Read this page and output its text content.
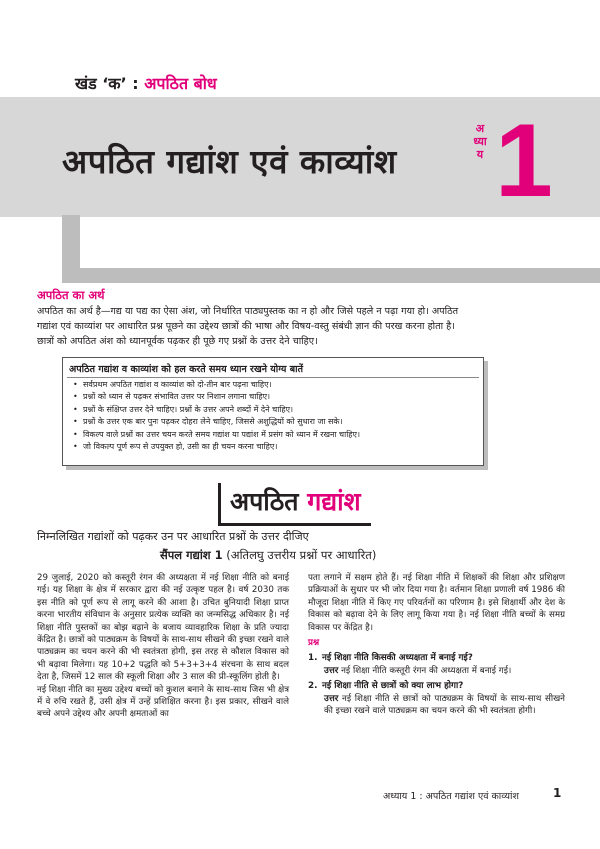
खंड ‘क’ : अपठित बोध
अपठित गद्यांश एवं काव्यांश
अ
ध्या
य 1
अपठित का अर्थ
अपठित का अर्थ है—गद्य या पद्य का ऐसा अंश, जो निर्धारित पाठ्यपुस्तक का न हो और जिसे पहले न पढ़ा गया हो। अपठित
गद्यांश एवं काव्यांश पर आधारित प्रश्न पूछने का उद्देश्य छात्रों की भाषा और विषय-वस्तु संबंधी ज्ञान की परख करना होता है।
छात्रों को अपठित अंश को ध्यानपूर्वक पढ़कर ही पूछे गए प्रश्नों के उत्तर देने चाहिए।
अपठित गद्यांश व काव्यांश को हल करते समय ध्यान रखने योग्य बातें
• सर्वप्रथम अपठित गद्यांश व काव्यांश को दो-तीन बार पढ़ना चाहिए।
• प्रश्नों को ध्यान से पढ़कर संभावित उत्तर पर निशान लगाना चाहिए।
• प्रश्नों के संक्षिप्त उत्तर देने चाहिए। प्रश्नों के उत्तर अपने शब्दों में देने चाहिए।
• प्रश्नों के उत्तर एक बार पुनः पढ़कर दोहरा लेने चाहिए, जिससे अशुद्धियों को सुधारा जा सके।
• विकल्प वाले प्रश्नों का उत्तर चयन करते समय गद्यांश या पद्यांश में प्रसंग को ध्यान में रखना चाहिए।
• जो विकल्प पूर्ण रूप से उपयुक्त हो, उसी का ही चयन करना चाहिए।
अपठित गद्यांश
निम्नलिखित गद्यांशों को पढ़कर उन पर आधारित प्रश्नों के उत्तर दीजिए
सैंपल गद्यांश 1 (अतिलघु उत्तरीय प्रश्नों पर आधारित)

29 जुलाई, 2020 को कस्तूरी रंगन की अध्यक्षता में नई शिक्षा नीति को बनाई गई। यह शिक्षा के क्षेत्र में सरकार द्वारा की नई उत्कृष्ट पहल है। वर्ष 2030 तक इस नीति को पूर्ण रूप से लागू करने की आशा है। उचित बुनियादी शिक्षा प्राप्त करना भारतीय संविधान के अनुसार प्रत्येक व्यक्ति का जन्मसिद्ध अधिकार है। नई शिक्षा नीति पुस्तकों का बोझ बढ़ाने के बजाय व्यावहारिक शिक्षा के प्रति ज्यादा केंद्रित है। छात्रों को पाठ्यक्रम के विषयों के साथ-साथ सीखने की इच्छा रखने वाले पाठ्यक्रम का चयन करने की भी स्वतंत्रता होगी, इस तरह से कौशल विकास को भी बढ़ावा मिलेगा। यह 10+2 पद्धति को 5+3+3+4 संरचना के साथ बदल देता है, जिसमें 12 साल की स्कूली शिक्षा और 3 साल की प्री-स्कूलिंग होती है।

नई शिक्षा नीति का मुख्य उद्देश्य बच्चों को कुशल बनाने के साथ-साथ जिस भी क्षेत्र में वे रुचि रखते हैं, उसी क्षेत्र में उन्हें प्रशिक्षित करना है। इस प्रकार, सीखने वाले बच्चे अपने उद्देश्य और अपनी क्षमताओं का

पता लगाने में सक्षम होते हैं। नई शिक्षा नीति में शिक्षकों की शिक्षा और प्रशिक्षण प्रक्रियाओं के सुधार पर भी जोर दिया गया है। वर्तमान शिक्षा प्रणाली वर्ष 1986 की मौजूदा शिक्षा नीति में किए गए परिवर्तनों का परिणाम है। इसे शिक्षार्थी और देश के विकास को बढ़ावा देने के लिए लागू किया गया है। नई शिक्षा नीति बच्चों के समग्र विकास पर केंद्रित है।

प्रश्न

1. नई शिक्षा नीति किसकी अध्यक्षता में बनाई गई?

उत्तर नई शिक्षा नीति कस्तूरी रंगन की अध्यक्षता में बनाई गई।

2. नई शिक्षा नीति से छात्रों को क्या लाभ होगा?

उत्तर नई शिक्षा नीति से छात्रों को पाठ्यक्रम के विषयों के साथ-साथ सीखने की इच्छा रखने वाले पाठ्यक्रम का चयन करने की भी स्वतंत्रता होगी।

अध्याय 1 : अपठित गद्यांश एवं काव्यांश	1
